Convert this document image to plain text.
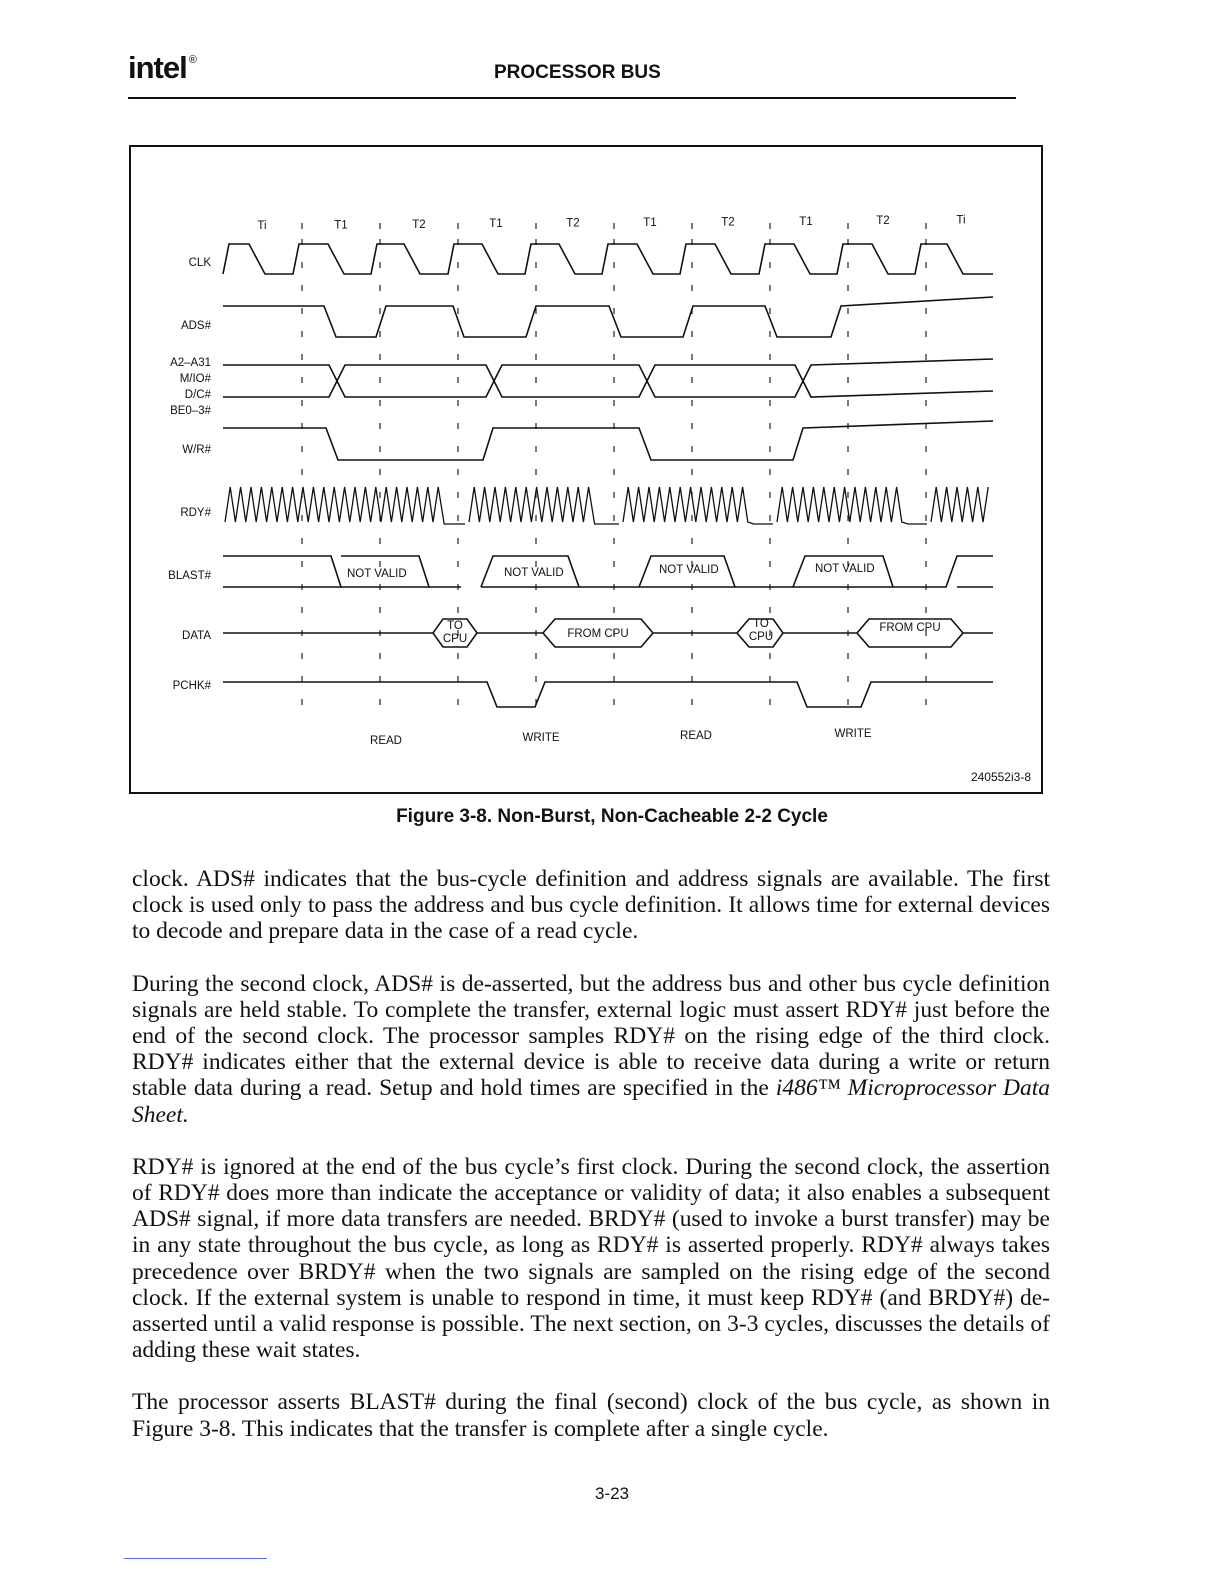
intel ®
PROCESSOR BUS
Ti	T1	T2	T1	T2	T1	T2	T1	T2	Ti
CLK
ADS#
A2–A31
M/IO#
D/C#
BE0–3#
W/R#
RDY#
BLAST#
DATA
PCHK#
NOT VALID	NOT VALID	NOT VALID	NOT VALID
TO
CPU
TO
CPU
FROM CPU	FROM CPU
READ	WRITE	READ	WRITE
240552i3-8
Figure 3-8. Non-Burst, Non-Cacheable 2-2 Cycle

clock. ADS# indicates that the bus-cycle definition and address signals are available. The first clock is used only to pass the address and bus cycle definition. It allows time for external devices to decode and prepare data in the case of a read cycle.

During the second clock, ADS# is de-asserted, but the address bus and other bus cycle definition signals are held stable. To complete the transfer, external logic must assert RDY# just before the end of the second clock. The processor samples RDY# on the rising edge of the third clock. RDY# indicates either that the external device is able to receive data during a write or return stable data during a read. Setup and hold times are specified in the i486™ Microprocessor Data Sheet.

RDY# is ignored at the end of the bus cycle’s first clock. During the second clock, the assertion of RDY# does more than indicate the acceptance or validity of data; it also enables a subsequent ADS# signal, if more data transfers are needed. BRDY# (used to invoke a burst transfer) may be in any state throughout the bus cycle, as long as RDY# is asserted properly. RDY# always takes precedence over BRDY# when the two signals are sampled on the rising edge of the second clock. If the external system is unable to respond in time, it must keep RDY# (and BRDY#) de-asserted until a valid response is possible. The next section, on 3-3 cycles, discusses the details of adding these wait states.

The processor asserts BLAST# during the final (second) clock of the bus cycle, as shown in Figure 3-8. This indicates that the transfer is complete after a single cycle.

3-23
